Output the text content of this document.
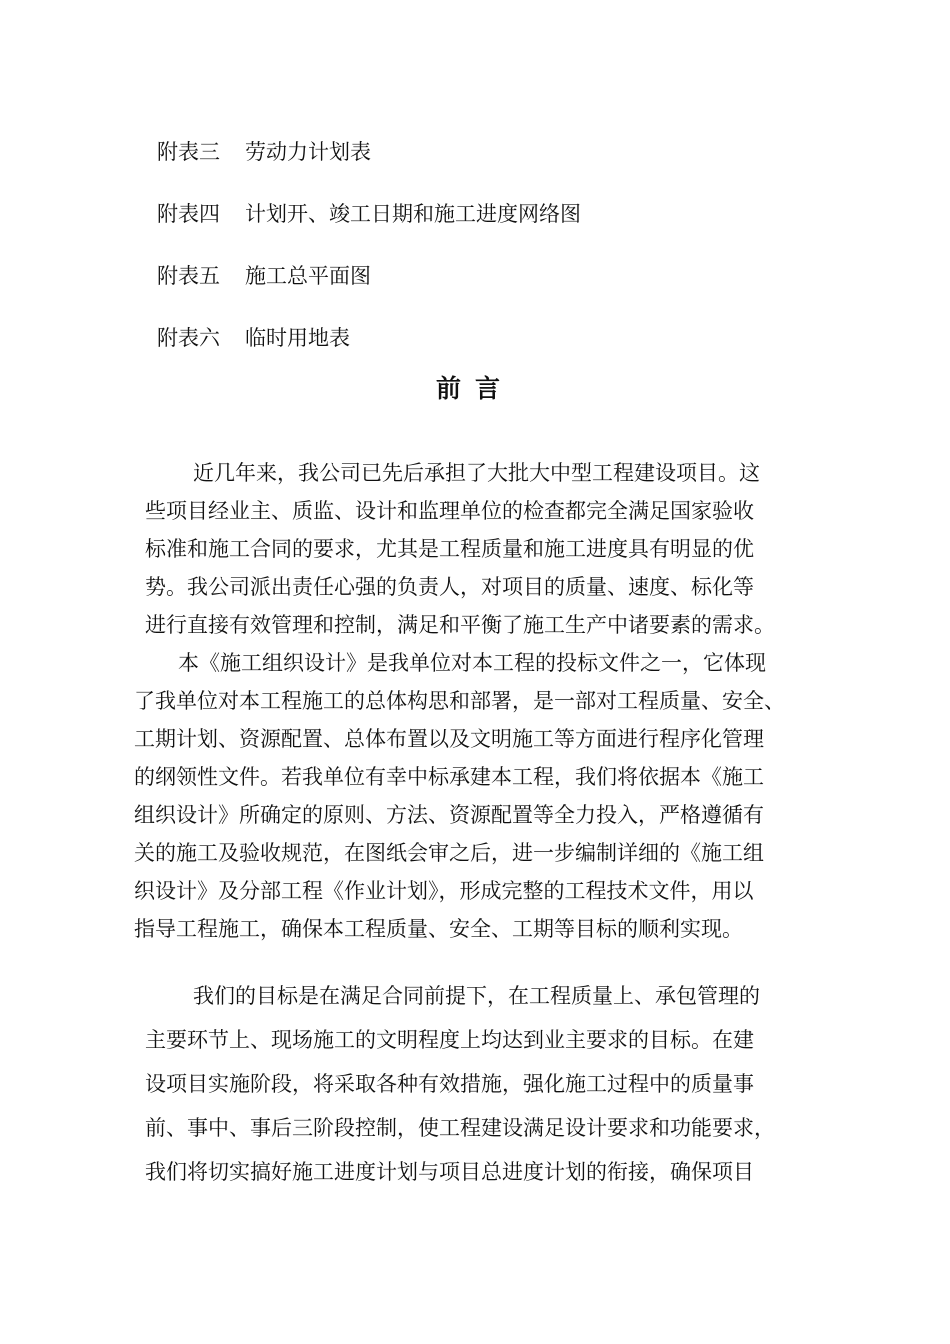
附表三 劳动力计划表
附表四 计划开、竣工日期和施工进度网络图
附表五 施工总平面图
附表六 临时用地表
前言
近几年来，我公司已先后承担了大批大中型工程建设项目。这
些项目经业主、质监、设计和监理单位的检查都完全满足国家验收
标准和施工合同的要求，尤其是工程质量和施工进度具有明显的优
势。我公司派出责任心强的负责人，对项目的质量、速度、标化等
进行直接有效管理和控制，满足和平衡了施工生产中诸要素的需求。
本《施工组织设计》是我单位对本工程的投标文件之一，它体现
了我单位对本工程施工的总体构思和部署，是一部对工程质量、安全、
工期计划、资源配置、总体布置以及文明施工等方面进行程序化管理
的纲领性文件。若我单位有幸中标承建本工程，我们将依据本《施工
组织设计》所确定的原则、方法、资源配置等全力投入，严格遵循有
关的施工及验收规范，在图纸会审之后，进一步编制详细的《施工组
织设计》及分部工程《作业计划》，形成完整的工程技术文件，用以
指导工程施工，确保本工程质量、安全、工期等目标的顺利实现。
我们的目标是在满足合同前提下，在工程质量上、承包管理的
主要环节上、现场施工的文明程度上均达到业主要求的目标。在建
设项目实施阶段，将采取各种有效措施，强化施工过程中的质量事
前、事中、事后三阶段控制，使工程建设满足设计要求和功能要求，
我们将切实搞好施工进度计划与项目总进度计划的衔接，确保项目
